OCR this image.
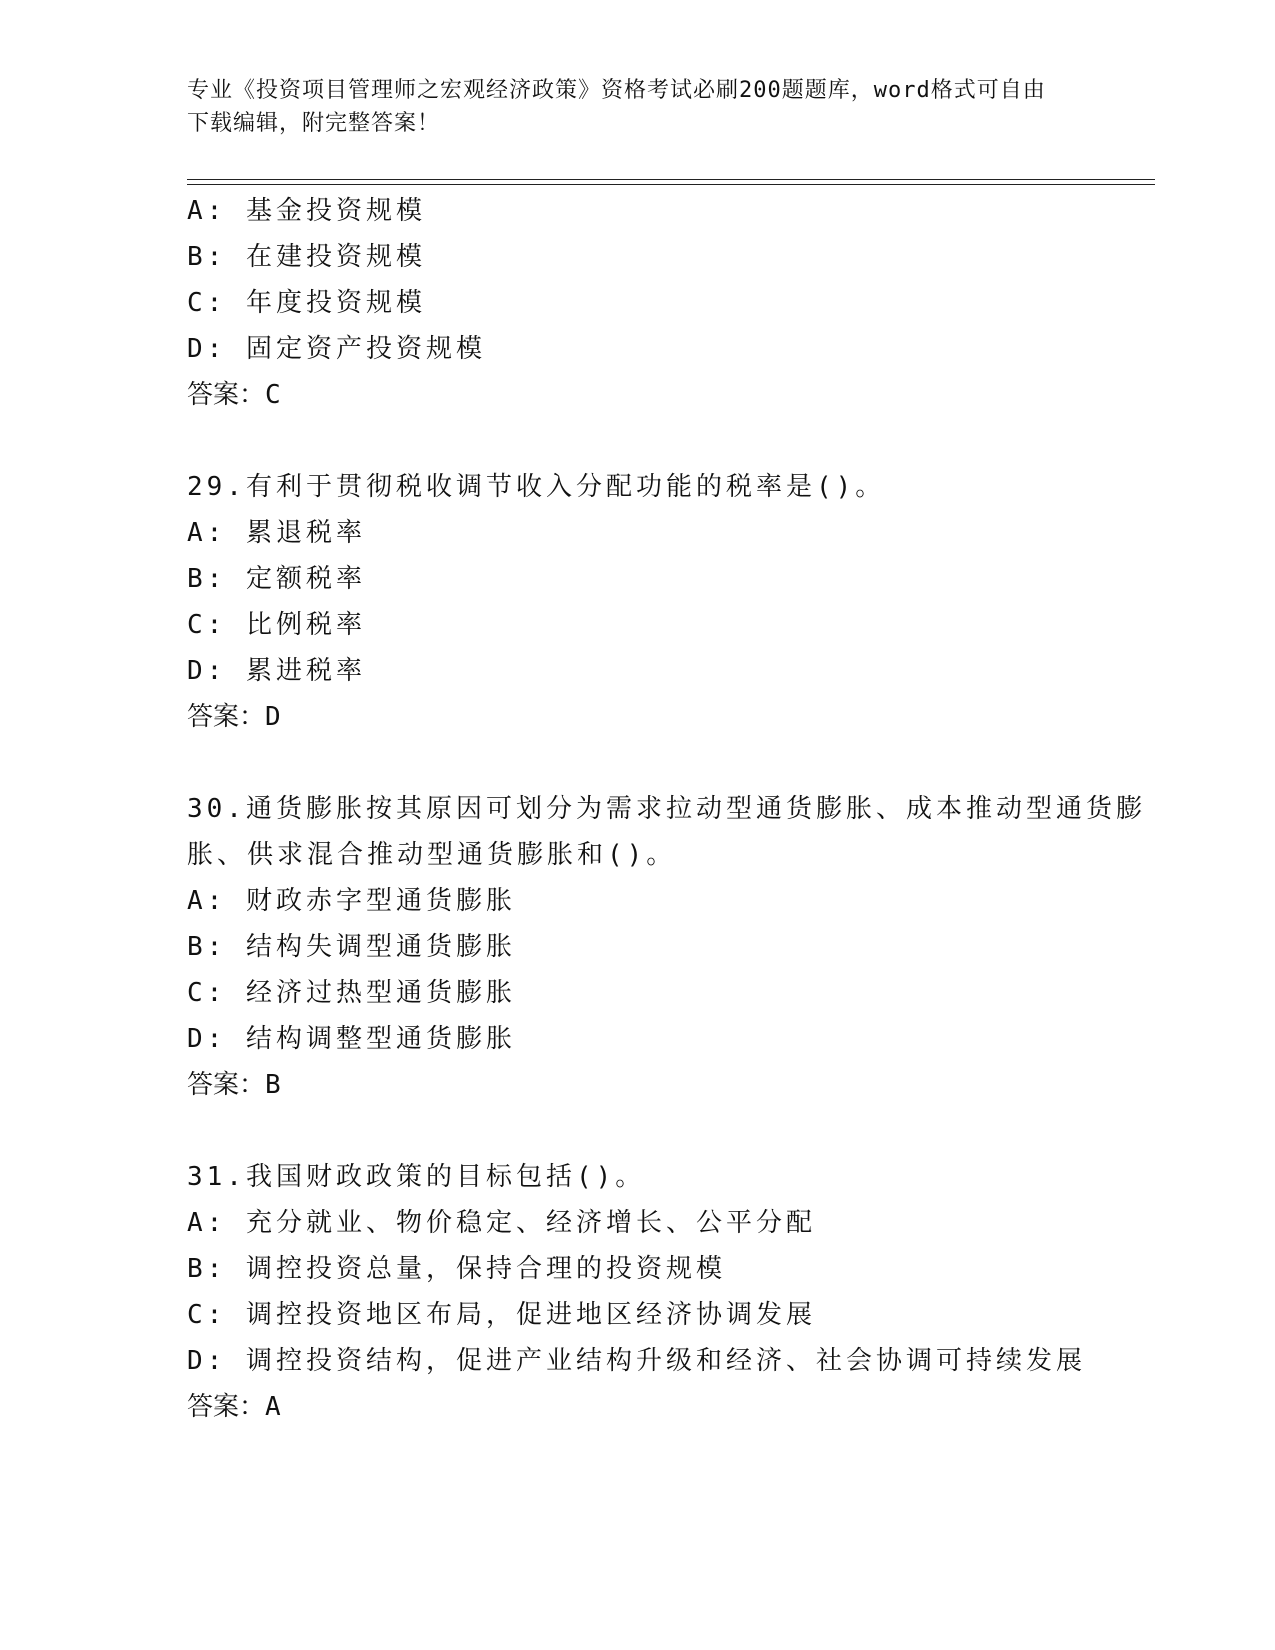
专业《投资项目管理师之宏观经济政策》资格考试必刷200题题库，word格式可自由下载编辑，附完整答案！
A: 基金投资规模
B: 在建投资规模
C: 年度投资规模
D: 固定资产投资规模
答案：C
29.有利于贯彻税收调节收入分配功能的税率是()。
A: 累退税率
B: 定额税率
C: 比例税率
D: 累进税率
答案：D
30.通货膨胀按其原因可划分为需求拉动型通货膨胀、成本推动型通货膨胀、供求混合推动型通货膨胀和()。
A: 财政赤字型通货膨胀
B: 结构失调型通货膨胀
C: 经济过热型通货膨胀
D: 结构调整型通货膨胀
答案：B
31.我国财政政策的目标包括()。
A: 充分就业、物价稳定、经济增长、公平分配
B: 调控投资总量，保持合理的投资规模
C: 调控投资地区布局，促进地区经济协调发展
D: 调控投资结构，促进产业结构升级和经济、社会协调可持续发展
答案：A
